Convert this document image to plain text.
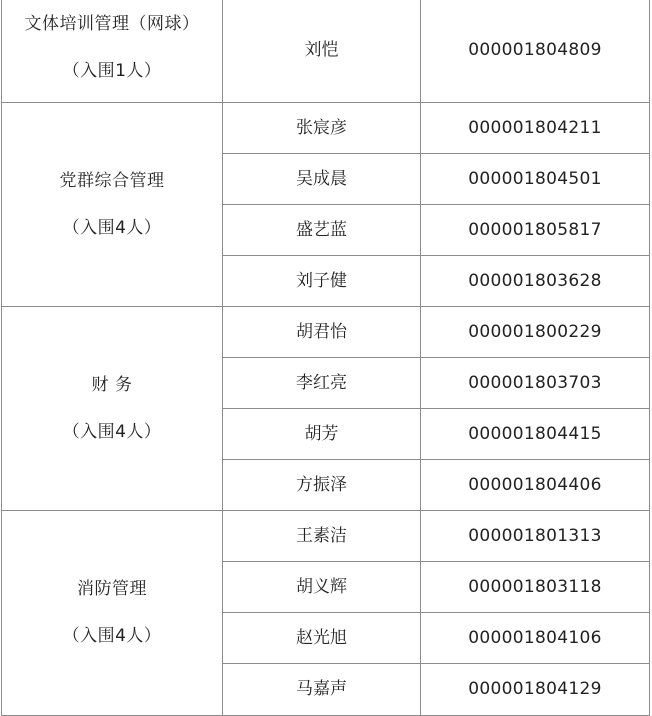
文体培训管理（网球）
（入围1人）	刘恺	000001804809

党群综合管理
（入围4人）	张宸彦	000001804211
	吴成晨	000001804501
	盛艺蓝	000001805817
	刘子健	000001803628

财 务
（入围4人）	胡君怡	000001800229
	李红亮	000001803703
	胡芳	000001804415
	方振泽	000001804406

消防管理
（入围4人）	王素洁	000001801313
	胡义辉	000001803118
	赵光旭	000001804106
	马嘉声	000001804129
